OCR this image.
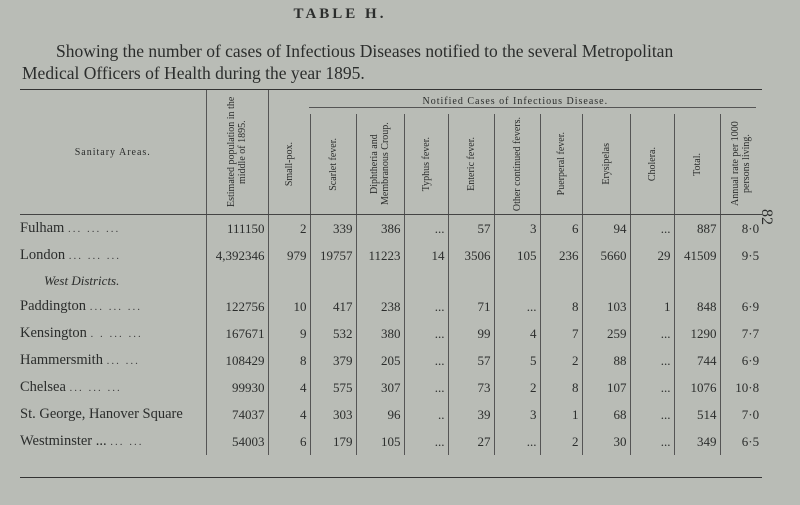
TABLE H.
Showing the number of cases of Infectious Diseases notified to the several Metropolitan
Medical Officers of Health during the year 1895.
82
Sanitary Areas.	Estimated population in the middle of 1895.	Notified Cases of Infectious Disease.										

		Small-pox.	Scarlet fever.	Diphtheria and Membranous Croup.	Typhus fever.	Enteric fever.	Other continued fevers.	Puerperal fever.	Erysipelas	Cholera.	Total.	Annual rate per 1000 persons living.

Fulham ... ... ...	111150	2	339	386	...	57	3	6	94	...	887	8·0
London ... ... ...	4,392346	979	19757	11223	14	3506	105	236	5660	29	41509	9·5
West Districts.												
Paddington ... ... ...	122756	10	417	238	...	71	...	8	103	1	848	6·9
Kensington . . ... ...	167671	9	532	380	...	99	4	7	259	...	1290	7·7
Hammersmith ... ...	108429	8	379	205	...	57	5	2	88	...	744	6·9
Chelsea ... ... ...	99930	4	575	307	...	73	2	8	107	...	1076	10·8
St. George, Hanover Square	74037	4	303	96	..	39	3	1	68	...	514	7·0
Westminster ... ... ...	54003	6	179	105	...	27	...	2	30	...	349	6·5
